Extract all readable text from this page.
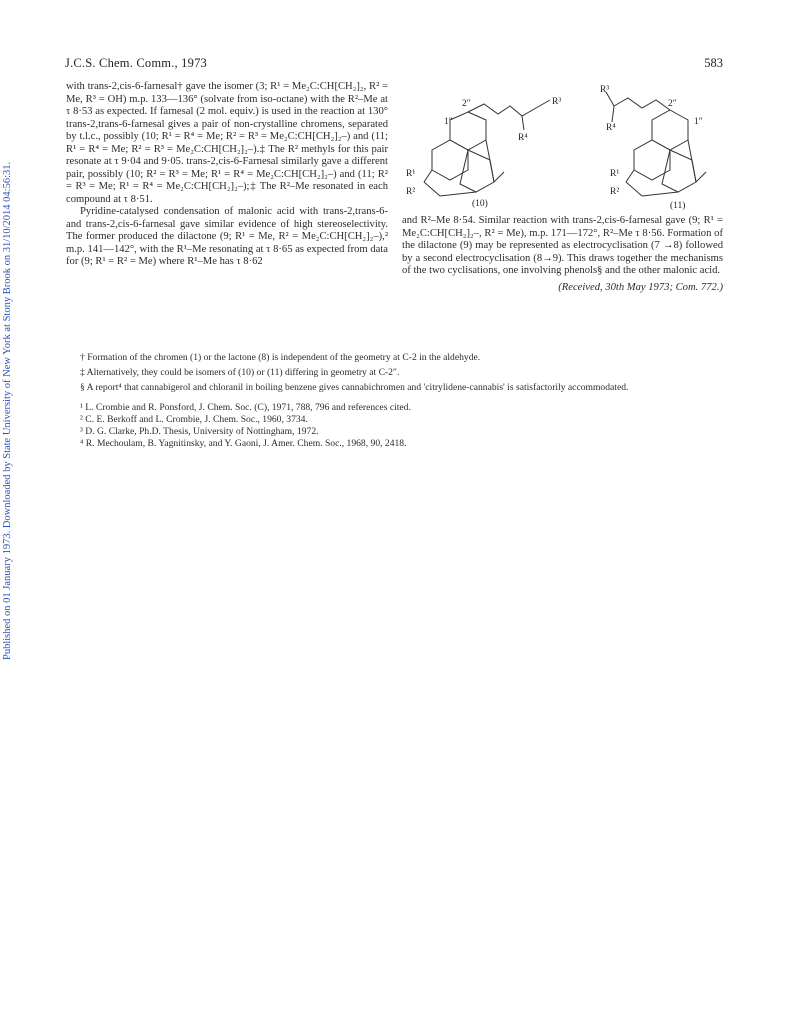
Published on 01 January 1973. Downloaded by State University of New York at Stony Brook on 31/10/2014 04:56:31.
J.C.S. Chem. Comm., 1973	583

with trans-2,cis-6-farnesal† gave the isomer (3; R¹ = Me₂C:CH[CH₂]₂, R² = Me, R³ = OH) m.p. 133—136° (solvate from iso-octane) with the R²–Me at τ 8·53 as expected. If farnesal (2 mol. equiv.) is used in the reaction at 130° trans-2,trans-6-farnesal gives a pair of non-crystalline chromens, separated by t.l.c., possibly (10; R¹ = R⁴ = Me; R² = R³ = Me₂C:CH[CH₂]₂–) and (11; R¹ = R⁴ = Me; R² = R³ = Me₂C:CH[CH₂]₂–).‡ The R² methyls for this pair resonate at τ 9·04 and 9·05. trans-2,cis-6-Farnesal similarly gave a different pair, possibly (10; R² = R³ = Me; R¹ = R⁴ = Me₂C:CH[CH₂]₂–) and (11; R² = R³ = Me; R¹ = R⁴ = Me₂C:CH[CH₂]₂–);‡ The R²–Me resonated in each compound at τ 8·51.

Pyridine-catalysed condensation of malonic acid with trans-2,trans-6- and trans-2,cis-6-farnesal gave similar evidence of high stereoselectivity. The former produced the dilactone (9; R¹ = Me, R² = Me₂C:CH[CH₂]₂–),² m.p. 141—142°, with the R¹–Me resonating at τ 8·65 as expected from data for (9; R¹ = R² = Me) where R¹–Me has τ 8·62

2″
1″
R³
R⁴
R¹
R²
(10)
R³
R⁴
2″
1″
R¹
R²
(11)

and R²–Me 8·54. Similar reaction with trans-2,cis-6-farnesal gave (9; R¹ = Me₂C:CH[CH₂]₂–, R² = Me), m.p. 171—172°, R²–Me τ 8·56. Formation of the dilactone (9) may be represented as electrocyclisation (7 →8) followed by a second electrocyclisation (8→9). This draws together the mechanisms of the two cyclisations, one involving phenols§ and the other malonic acid.

(Received, 30th May 1973; Com. 772.)

† Formation of the chromen (1) or the lactone (8) is independent of the geometry at C-2 in the aldehyde.

‡ Alternatively, they could be isomers of (10) or (11) differing in geometry at C-2″.

§ A report⁴ that cannabigerol and chloranil in boiling benzene gives cannabichromen and 'citrylidene-cannabis' is satisfactorily accommodated.

¹ L. Crombie and R. Ponsford, J. Chem. Soc. (C), 1971, 788, 796 and references cited.

² C. E. Berkoff and L. Crombie, J. Chem. Soc., 1960, 3734.

³ D. G. Clarke, Ph.D. Thesis, University of Nottingham, 1972.

⁴ R. Mechoulam, B. Yagnitinsky, and Y. Gaoni, J. Amer. Chem. Soc., 1968, 90, 2418.
